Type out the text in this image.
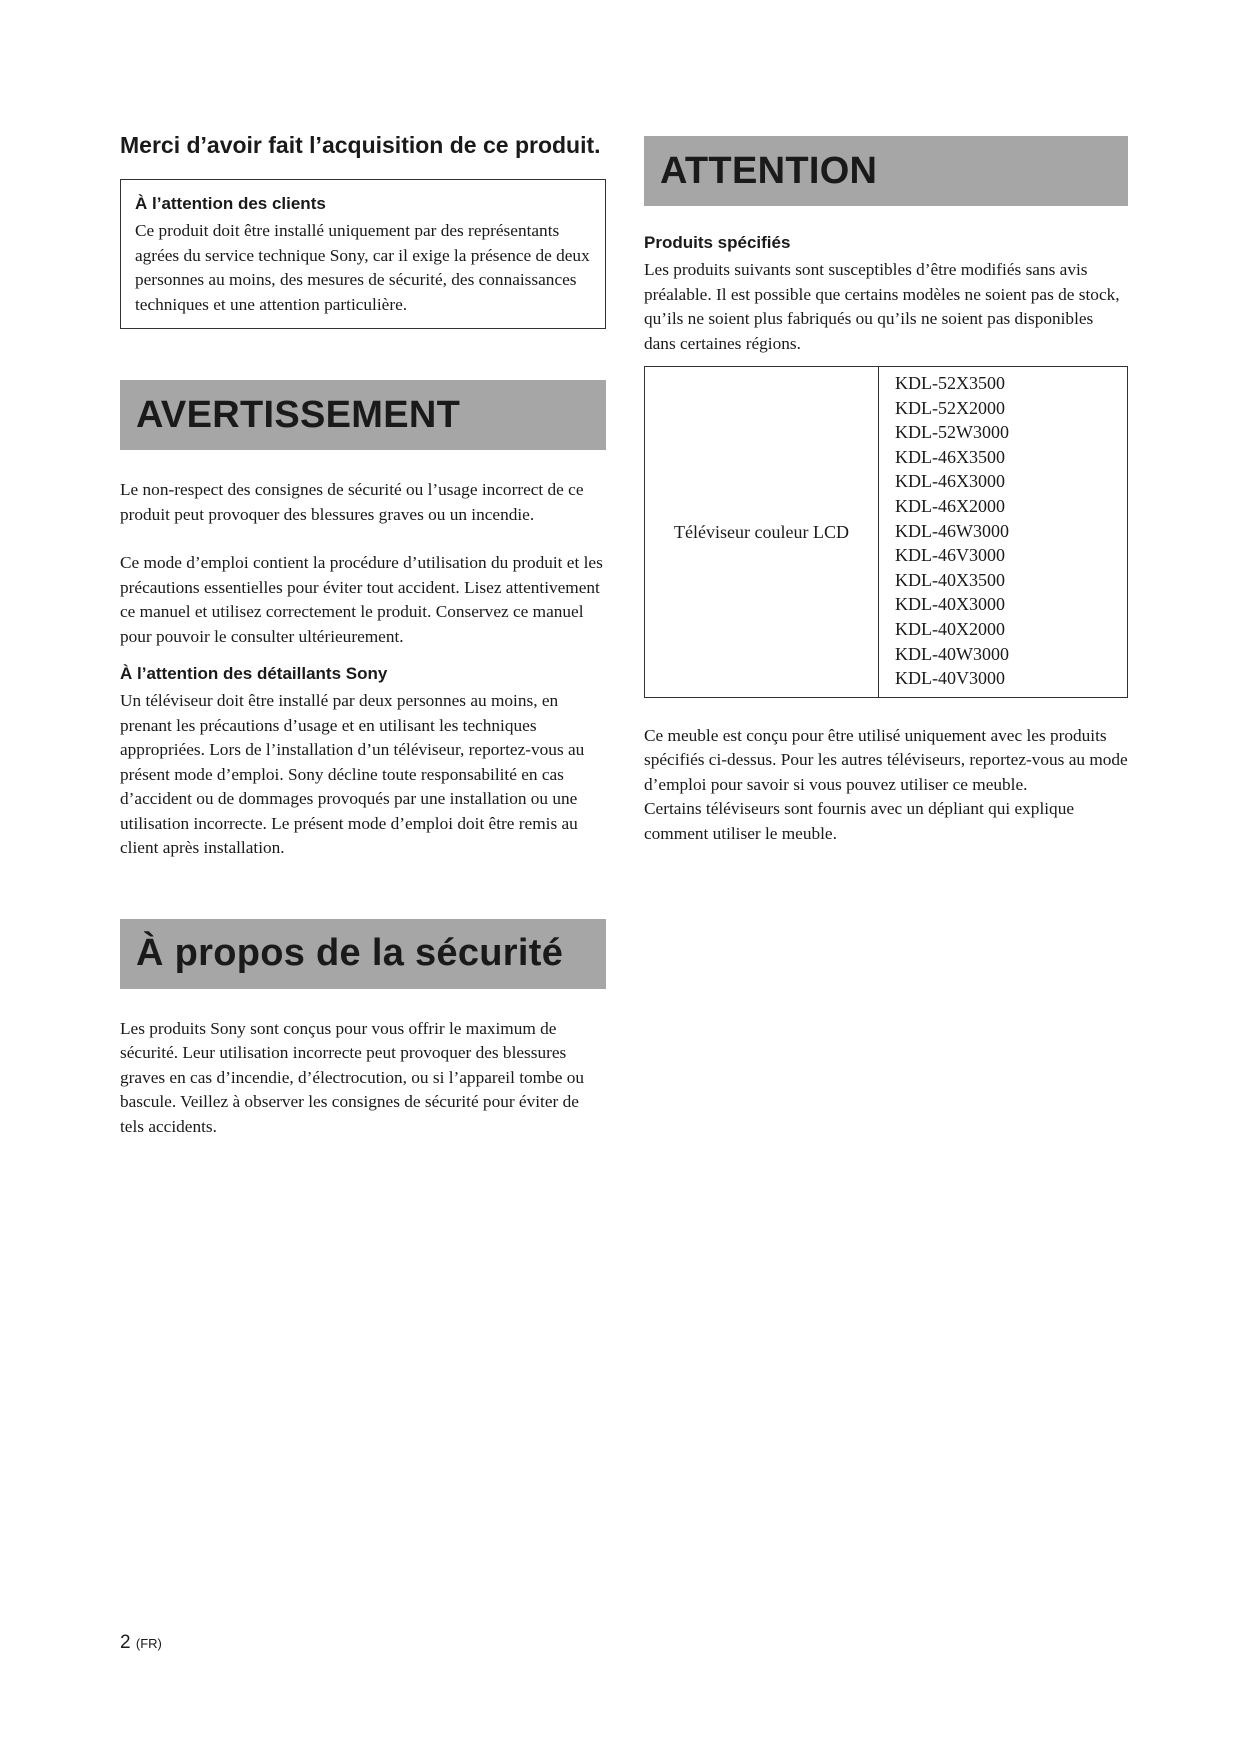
Merci d’avoir fait l’acquisition de ce produit.

À l’attention des clients

Ce produit doit être installé uniquement par des représentants agrées du service technique Sony, car il exige la présence de deux personnes au moins, des mesures de sécurité, des connaissances techniques et une attention particulière.

AVERTISSEMENT

Le non-respect des consignes de sécurité ou l’usage incorrect de ce produit peut provoquer des blessures graves ou un incendie.

Ce mode d’emploi contient la procédure d’utilisation du produit et les précautions essentielles pour éviter tout accident. Lisez attentivement ce manuel et utilisez correctement le produit. Conservez ce manuel pour pouvoir le consulter ultérieurement.

À l’attention des détaillants Sony

Un téléviseur doit être installé par deux personnes au moins, en prenant les précautions d’usage et en utilisant les techniques appropriées. Lors de l’installation d’un téléviseur, reportez-vous au présent mode d’emploi. Sony décline toute responsabilité en cas d’accident ou de dommages provoqués par une installation ou une utilisation incorrecte. Le présent mode d’emploi doit être remis au client après installation.

À propos de la sécurité

Les produits Sony sont conçus pour vous offrir le maximum de sécurité. Leur utilisation incorrecte peut provoquer des blessures graves en cas d’incendie, d’électrocution, ou si l’appareil tombe ou bascule. Veillez à observer les consignes de sécurité pour éviter de tels accidents.

ATTENTION

Produits spécifiés

Les produits suivants sont susceptibles d’être modifiés sans avis préalable. Il est possible que certains modèles ne soient pas de stock, qu’ils ne soient plus fabriqués ou qu’ils ne soient pas disponibles dans certaines régions.

Téléviseur couleur LCD
KDL-52X3500
KDL-52X2000
KDL-52W3000
KDL-46X3500
KDL-46X3000
KDL-46X2000
KDL-46W3000
KDL-46V3000
KDL-40X3500
KDL-40X3000
KDL-40X2000
KDL-40W3000
KDL-40V3000

Ce meuble est conçu pour être utilisé uniquement avec les produits spécifiés ci-dessus. Pour les autres téléviseurs, reportez-vous au mode d’emploi pour savoir si vous pouvez utiliser ce meuble.

Certains téléviseurs sont fournis avec un dépliant qui explique comment utiliser le meuble.

2 (FR)
